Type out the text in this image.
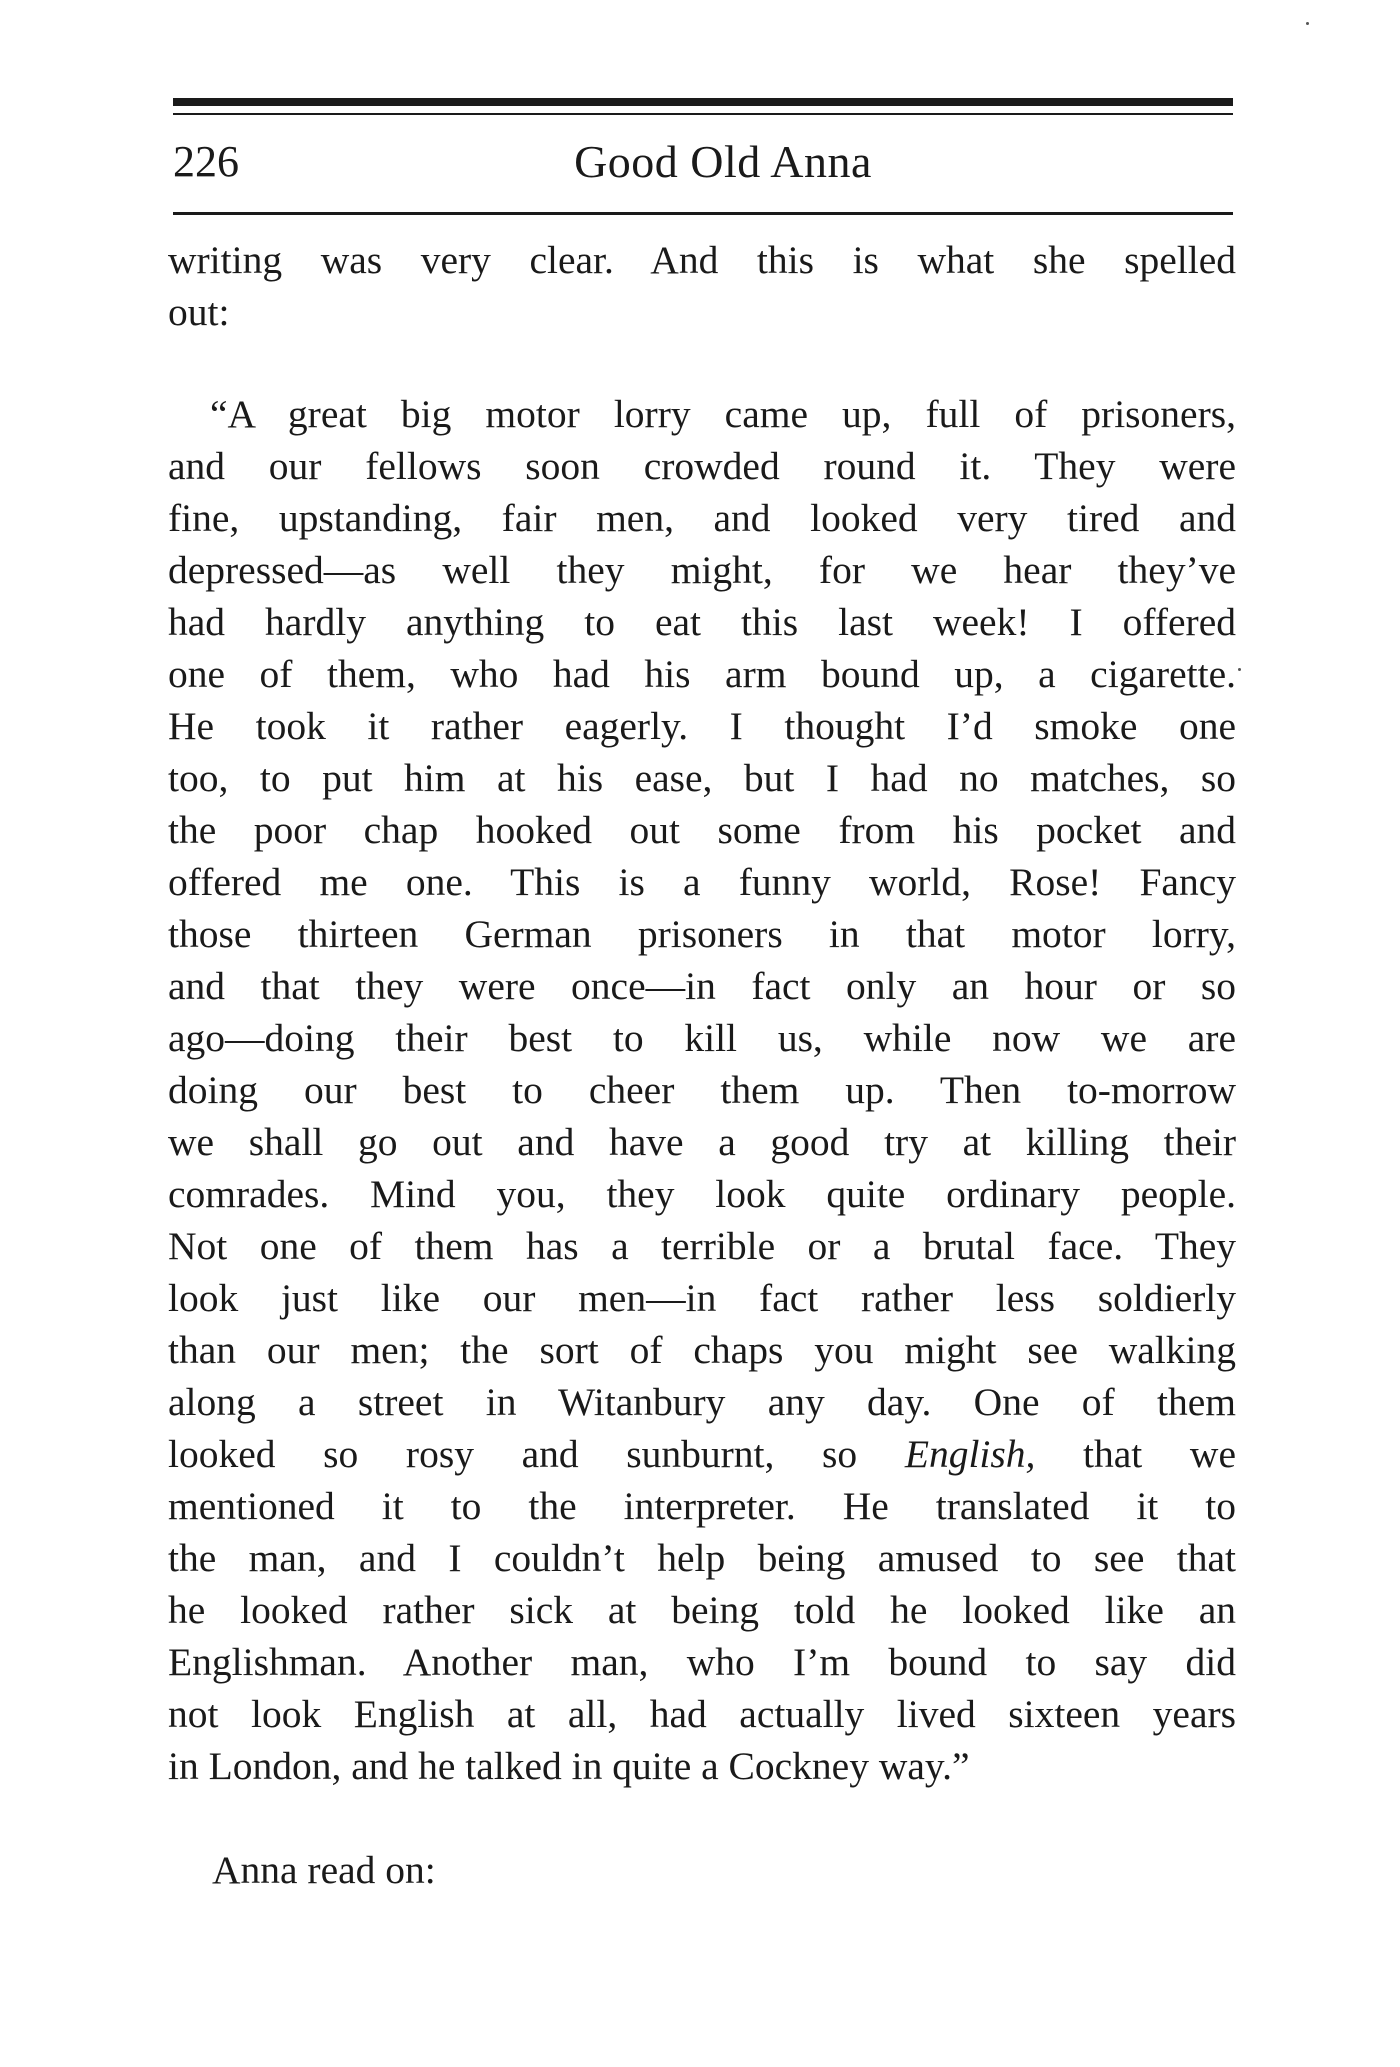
226	Good Old Anna
writing was very clear. And this is what she spelled
out:
“A great big motor lorry came up, full of prisoners,
and our fellows soon crowded round it. They were
fine, upstanding, fair men, and looked very tired and
depressed—as well they might, for we hear they’ve
had hardly anything to eat this last week! I offered
one of them, who had his arm bound up, a cigarette.
He took it rather eagerly. I thought I’d smoke one
too, to put him at his ease, but I had no matches, so
the poor chap hooked out some from his pocket and
offered me one. This is a funny world, Rose! Fancy
those thirteen German prisoners in that motor lorry,
and that they were once—in fact only an hour or so
ago—doing their best to kill us, while now we are
doing our best to cheer them up. Then to-morrow
we shall go out and have a good try at killing their
comrades. Mind you, they look quite ordinary people.
Not one of them has a terrible or a brutal face. They
look just like our men—in fact rather less soldierly
than our men; the sort of chaps you might see walking
along a street in Witanbury any day. One of them
looked so rosy and sunburnt, so English, that we
mentioned it to the interpreter. He translated it to
the man, and I couldn’t help being amused to see that
he looked rather sick at being told he looked like an
Englishman. Another man, who I’m bound to say did
not look English at all, had actually lived sixteen years
in London, and he talked in quite a Cockney way.”
Anna read on:
